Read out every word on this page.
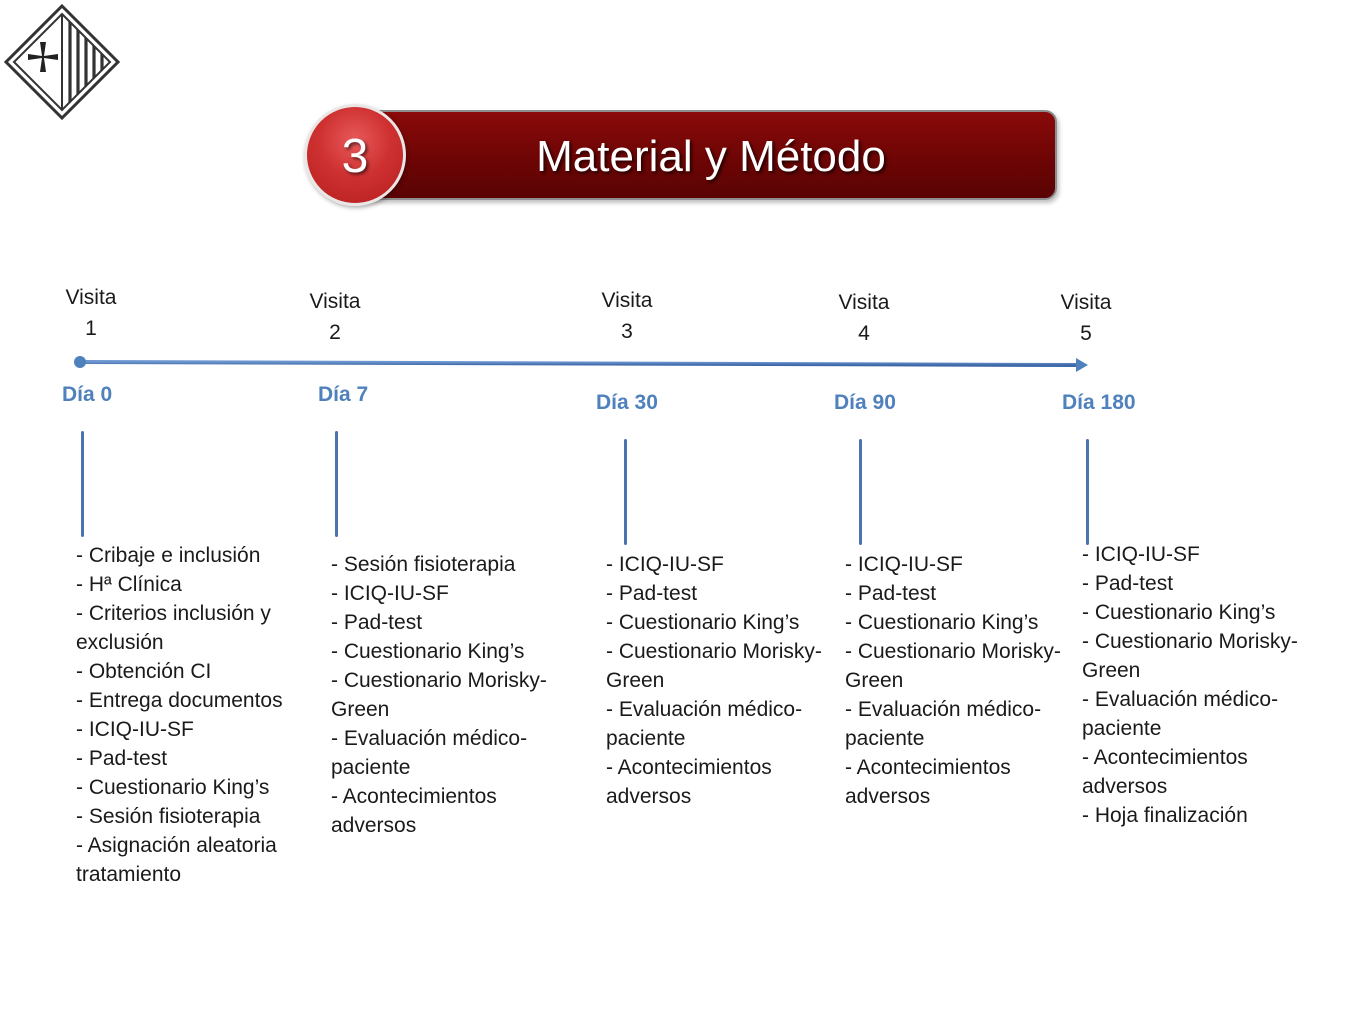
Material y Método
3
Visita
1
Día 0
- Cribaje e inclusión
- Hª Clínica
- Criterios inclusión y exclusión
- Obtención CI
- Entrega documentos
- ICIQ-IU-SF
- Pad-test
- Cuestionario King’s
- Sesión fisioterapia
- Asignación aleatoria tratamiento
Visita
2
Día 7
- Sesión fisioterapia
- ICIQ-IU-SF
- Pad-test
- Cuestionario King’s
- Cuestionario Morisky-Green
- Evaluación médico-paciente
- Acontecimientos adversos
Visita
3
Día 30
- ICIQ-IU-SF
- Pad-test
- Cuestionario King’s
- Cuestionario Morisky-Green
- Evaluación médico-paciente
- Acontecimientos adversos
Visita
4
Día 90
- ICIQ-IU-SF
- Pad-test
- Cuestionario King’s
- Cuestionario Morisky-Green
- Evaluación médico-paciente
- Acontecimientos adversos
Visita
5
Día 180
- ICIQ-IU-SF
- Pad-test
- Cuestionario King’s
- Cuestionario Morisky-Green
- Evaluación médico-paciente
- Acontecimientos adversos
- Hoja finalización
